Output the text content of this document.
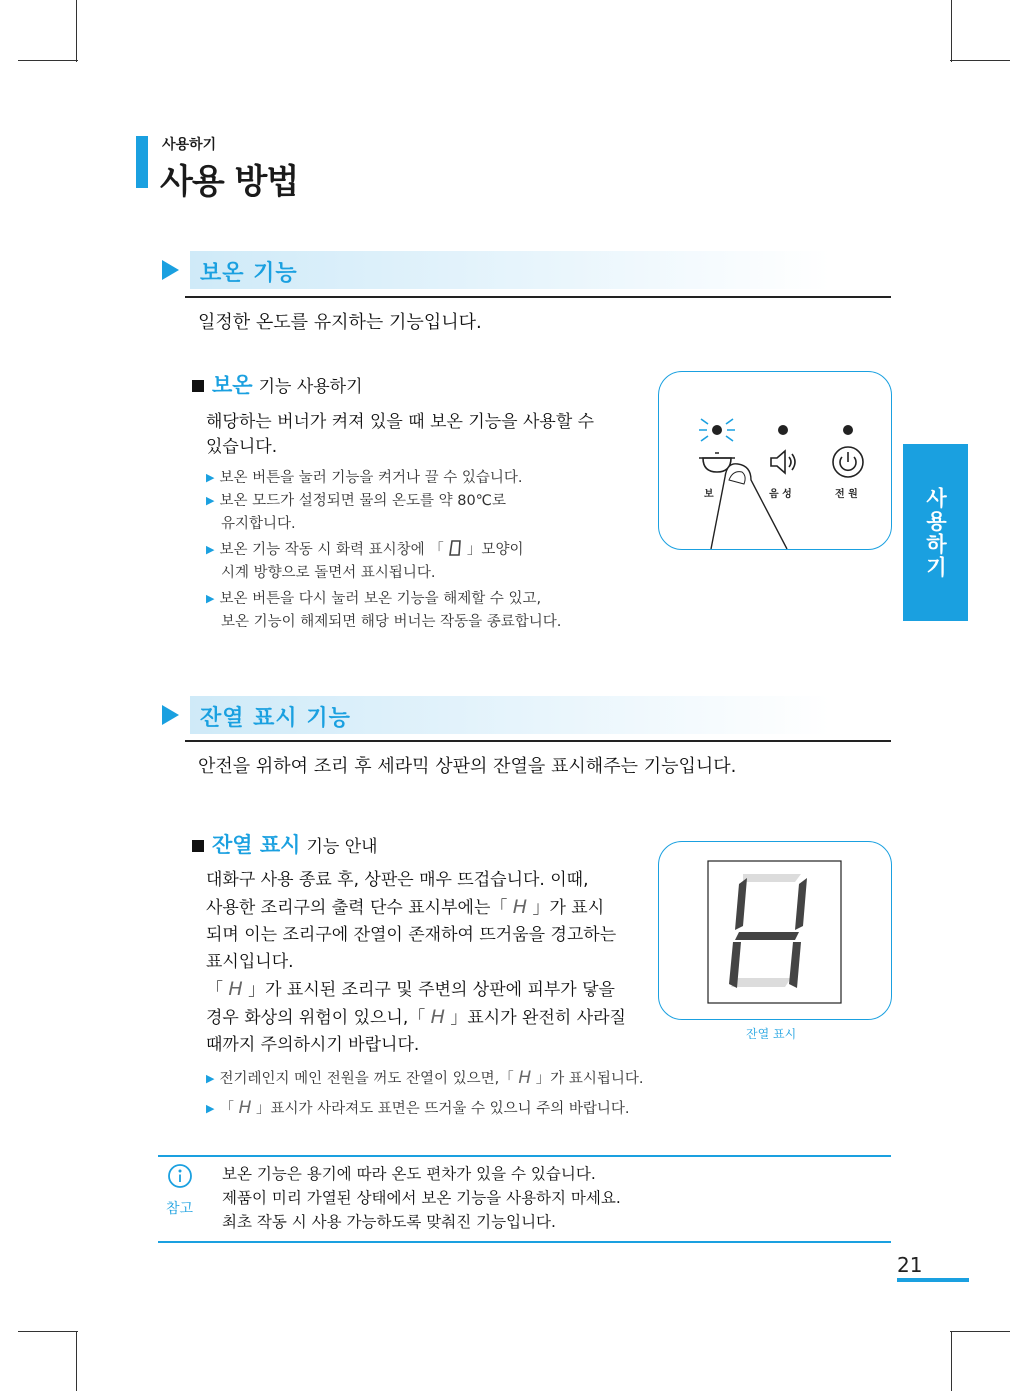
사용하기
사용 방법
사용하기
보온 기능
일정한 온도를 유지하는 기능입니다.
보온 기능 사용하기
해당하는 버너가 켜져 있을 때 보온 기능을 사용할 수
있습니다.
▶ 보온 버튼을 눌러 기능을 켜거나 끌 수 있습니다.
▶ 보온 모드가 설정되면 물의 온도를 약 80℃로
유지합니다.
▶ 보온 기능 작동 시 화력 표시창에 「  」모양이
시계 방향으로 돌면서 표시됩니다.
▶ 보온 버튼을 다시 눌러 보온 기능을 해제할 수 있고,
보온 기능이 해제되면 해당 버너는 작동을 종료합니다.
보	음 성	전 원
잔열 표시 기능
안전을 위하여 조리 후 세라믹 상판의 잔열을 표시해주는 기능입니다.
잔열 표시 기능 안내
대화구 사용 종료 후, 상판은 매우 뜨겁습니다. 이때,
사용한 조리구의 출력 단수 표시부에는「 H 」가 표시
되며 이는 조리구에 잔열이 존재하여 뜨거움을 경고하는
표시입니다.
「 H 」가 표시된 조리구 및 주변의 상판에 피부가 닿을
경우 화상의 위험이 있으니,「 H 」표시가 완전히 사라질
때까지 주의하시기 바랍니다.
▶ 전기레인지 메인 전원을 꺼도 잔열이 있으면,「 H 」가 표시됩니다.
▶ 「 H 」표시가 사라져도 표면은 뜨거울 수 있으니 주의 바랍니다.
잔열 표시
참고
보온 기능은 용기에 따라 온도 편차가 있을 수 있습니다.
제품이 미리 가열된 상태에서 보온 기능을 사용하지 마세요.
최초 작동 시 사용 가능하도록 맞춰진 기능입니다.
21
